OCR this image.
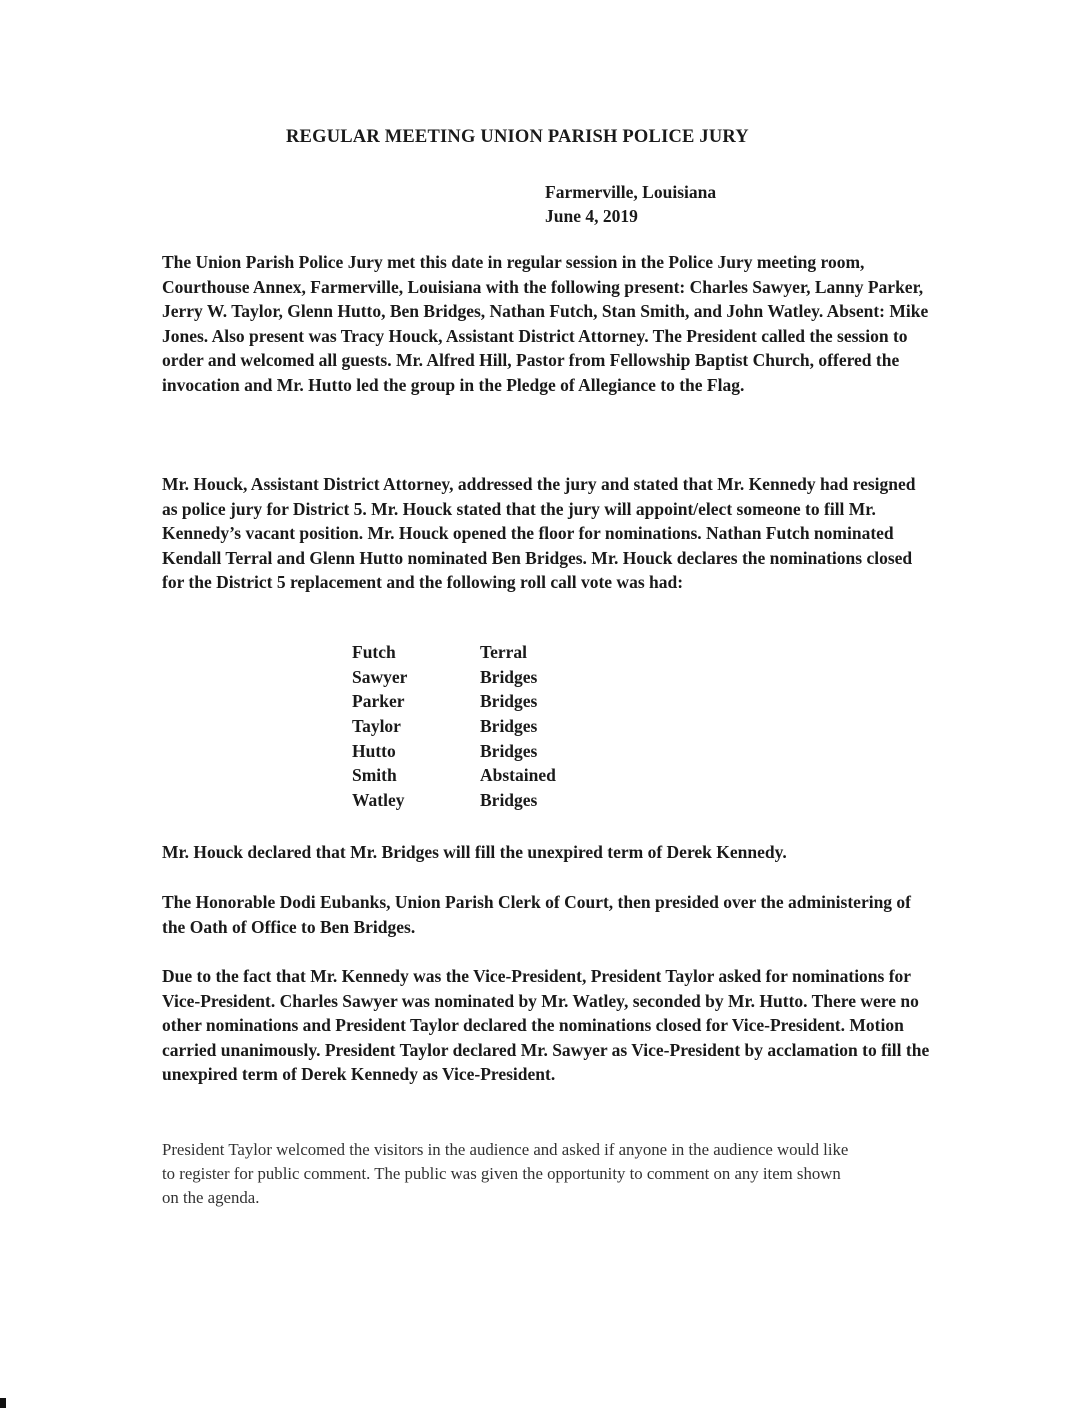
REGULAR MEETING UNION PARISH POLICE JURY
Farmerville, Louisiana
June 4, 2019

The Union Parish Police Jury met this date in regular session in the Police Jury meeting room, Courthouse Annex, Farmerville, Louisiana with the following present: Charles Sawyer, Lanny Parker, Jerry W. Taylor, Glenn Hutto, Ben Bridges, Nathan Futch, Stan Smith, and John Watley. Absent: Mike Jones. Also present was Tracy Houck, Assistant District Attorney. The President called the session to order and welcomed all guests. Mr. Alfred Hill, Pastor from Fellowship Baptist Church, offered the invocation and Mr. Hutto led the group in the Pledge of Allegiance to the Flag.

Mr. Houck, Assistant District Attorney, addressed the jury and stated that Mr. Kennedy had resigned as police jury for District 5. Mr. Houck stated that the jury will appoint/elect someone to fill Mr. Kennedy’s vacant position. Mr. Houck opened the floor for nominations. Nathan Futch nominated Kendall Terral and Glenn Hutto nominated Ben Bridges. Mr. Houck declares the nominations closed for the District 5 replacement and the following roll call vote was had:

Futch	Terral
Sawyer	Bridges
Parker	Bridges
Taylor	Bridges
Hutto	Bridges
Smith	Abstained
Watley	Bridges

Mr. Houck declared that Mr. Bridges will fill the unexpired term of Derek Kennedy.

The Honorable Dodi Eubanks, Union Parish Clerk of Court, then presided over the administering of the Oath of Office to Ben Bridges.

Due to the fact that Mr. Kennedy was the Vice-President, President Taylor asked for nominations for Vice-President. Charles Sawyer was nominated by Mr. Watley, seconded by Mr. Hutto. There were no other nominations and President Taylor declared the nominations closed for Vice-President. Motion carried unanimously. President Taylor declared Mr. Sawyer as Vice-President by acclamation to fill the unexpired term of Derek Kennedy as Vice-President.

President Taylor welcomed the visitors in the audience and asked if anyone in the audience would like to register for public comment. The public was given the opportunity to comment on any item shown on the agenda.
